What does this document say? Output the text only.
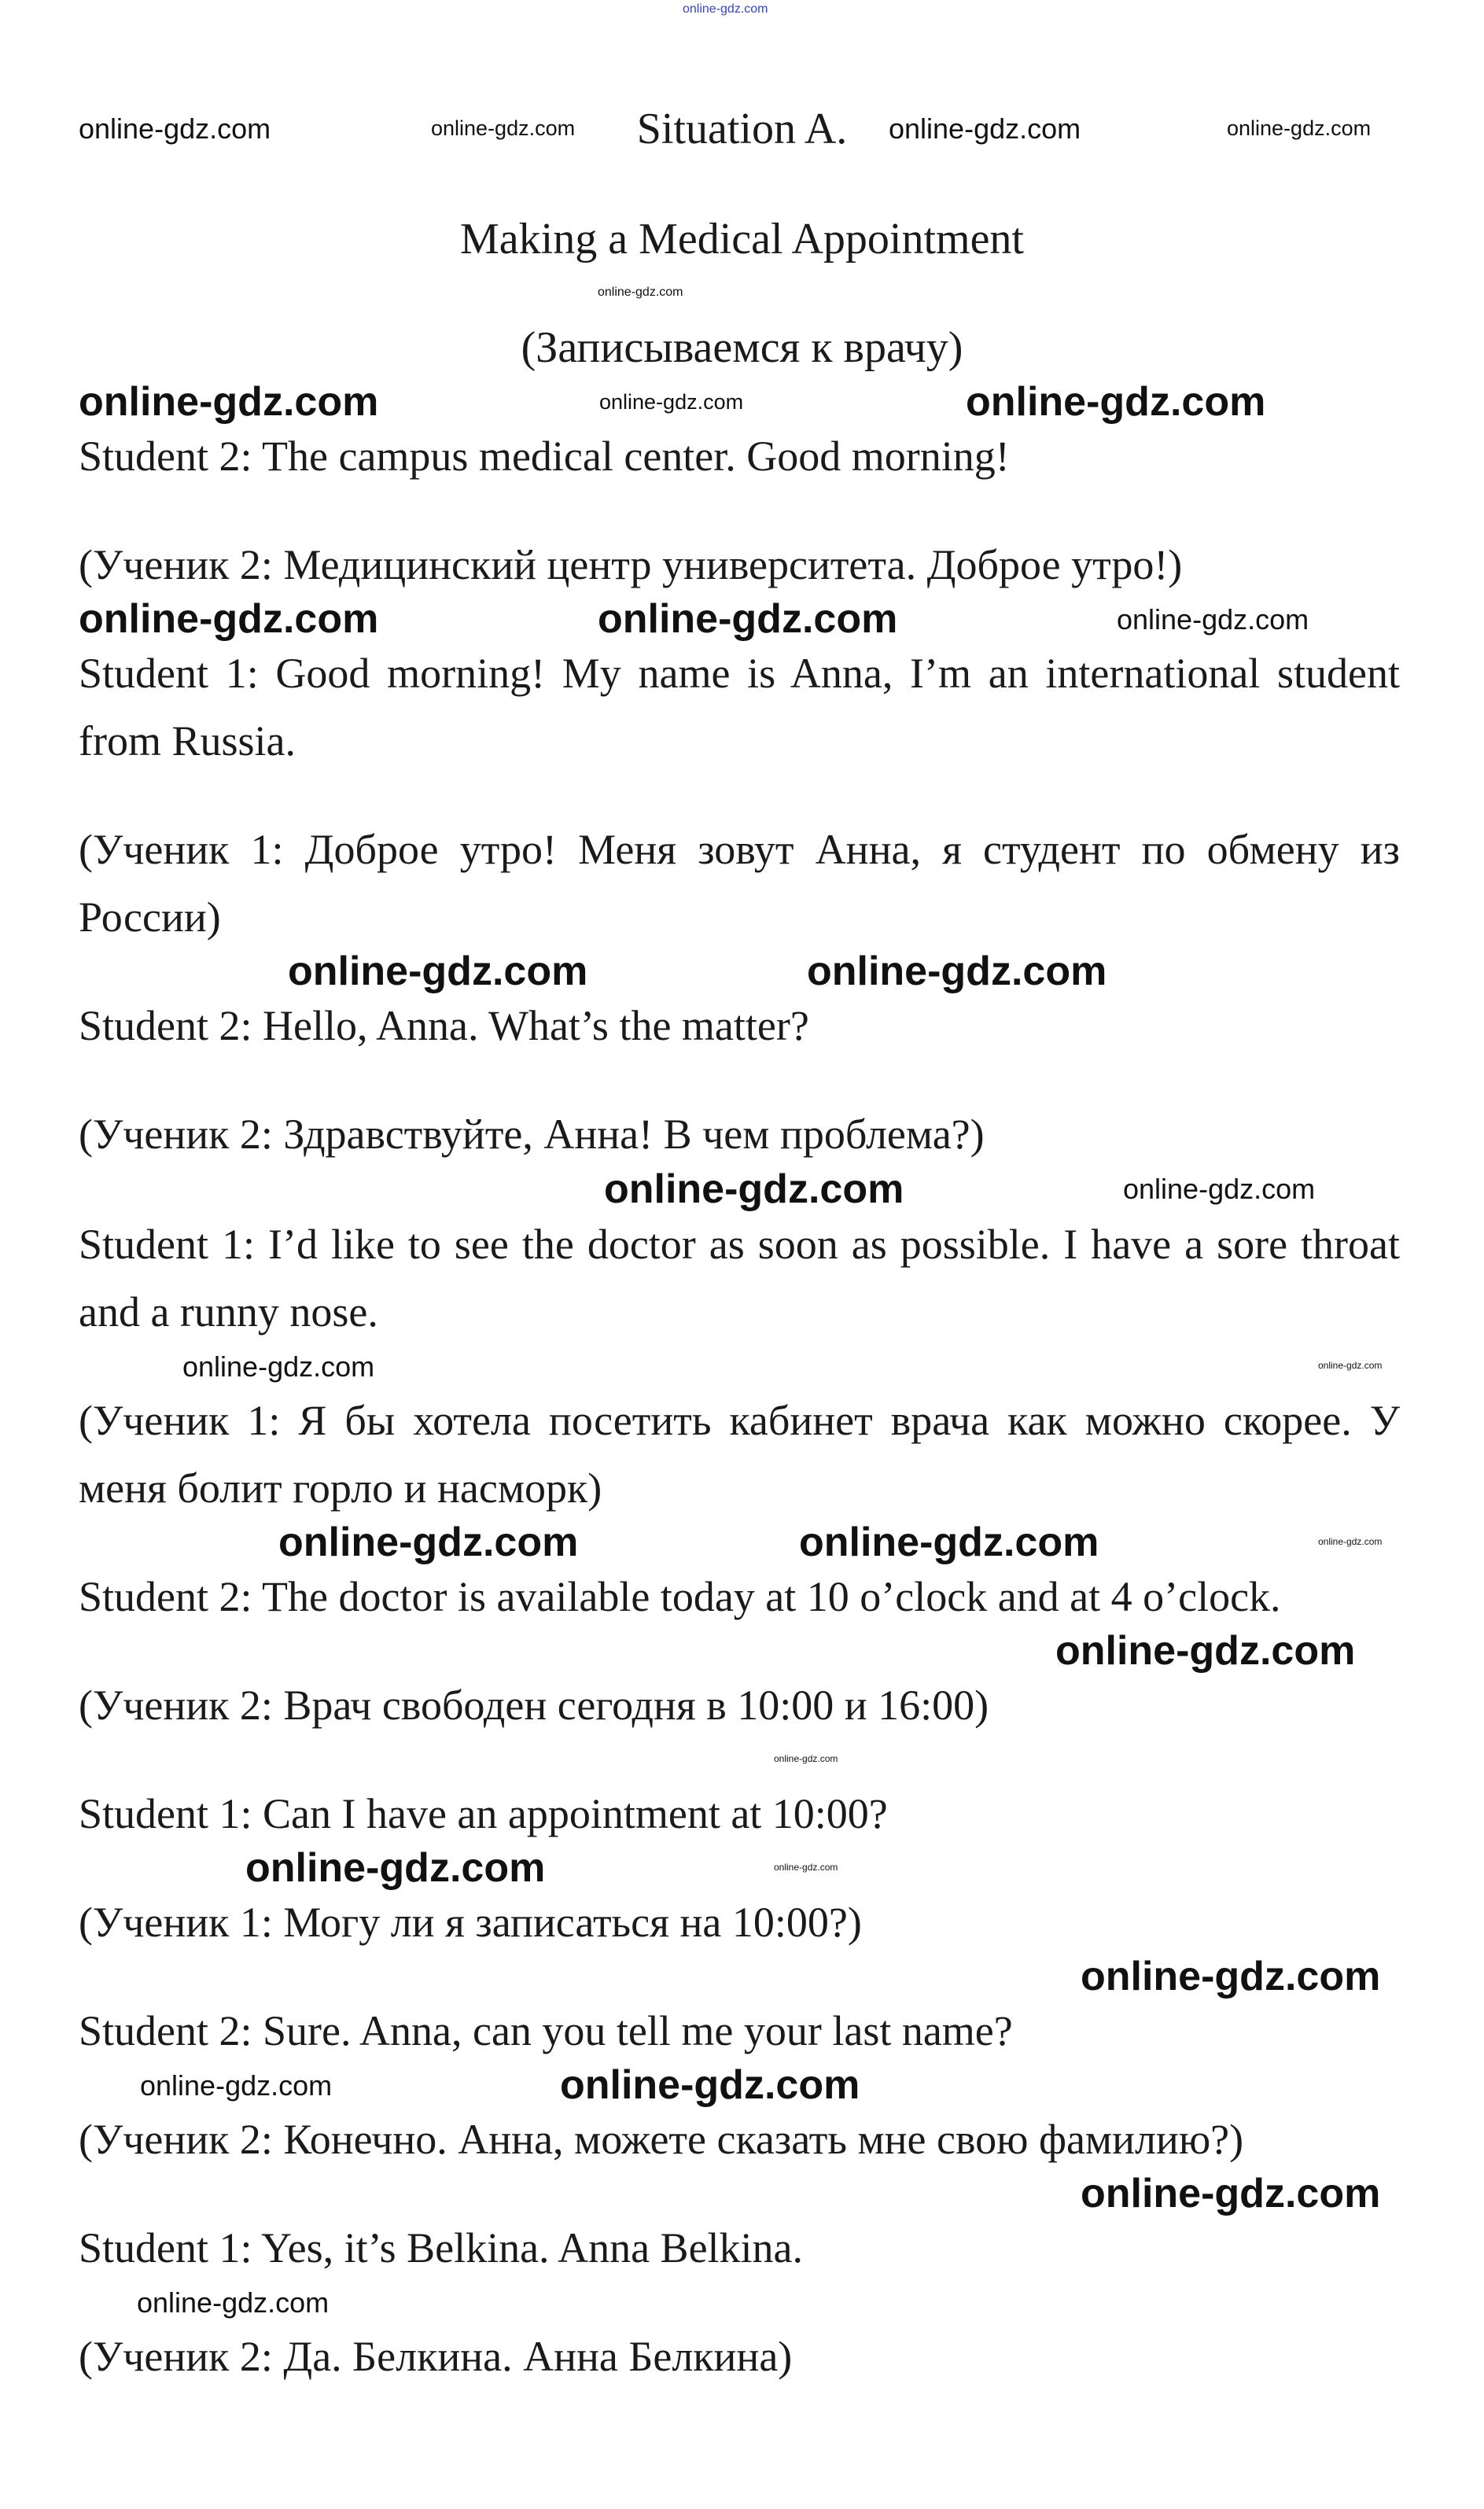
Situation A.
Making a Medical Appointment
(Записываемся к врачу)
Student 2: The campus medical center. Good morning!
(Ученик 2: Медицинский центр университета. Доброе утро!)
Student 1: Good morning! My name is Anna, I’m an international student from Russia.
(Ученик 1: Доброе утро! Меня зовут Анна, я студент по обмену из России)
Student 2: Hello, Anna. What’s the matter?
(Ученик 2: Здравствуйте, Анна! В чем проблема?)
Student 1: I’d like to see the doctor as soon as possible. I have a sore throat and a runny nose.
(Ученик 1: Я бы хотела посетить кабинет врача как можно скорее. У меня болит горло и насморк)
Student 2: The doctor is available today at 10 o’clock and at 4 o’clock.
(Ученик 2: Врач свободен сегодня в 10:00 и 16:00)
Student 1: Can I have an appointment at 10:00?
(Ученик 1: Могу ли я записаться на 10:00?)
Student 2: Sure. Anna, can you tell me your last name?
(Ученик 2: Конечно. Анна, можете сказать мне свою фамилию?)
Student 1: Yes, it’s Belkina. Anna Belkina.
(Ученик 2: Да. Белкина. Анна Белкина)
online-gdz.com
online-gdz.com	online-gdz.com	online-gdz.com	online-gdz.com
online-gdz.com
online-gdz.com	online-gdz.com	online-gdz.com
online-gdz.com	online-gdz.com	online-gdz.com
online-gdz.com	online-gdz.com
online-gdz.com	online-gdz.com
online-gdz.com	online-gdz.com
online-gdz.com	online-gdz.com	online-gdz.com
online-gdz.com
online-gdz.com
online-gdz.com	online-gdz.com
online-gdz.com
online-gdz.com	online-gdz.com
online-gdz.com
online-gdz.com
